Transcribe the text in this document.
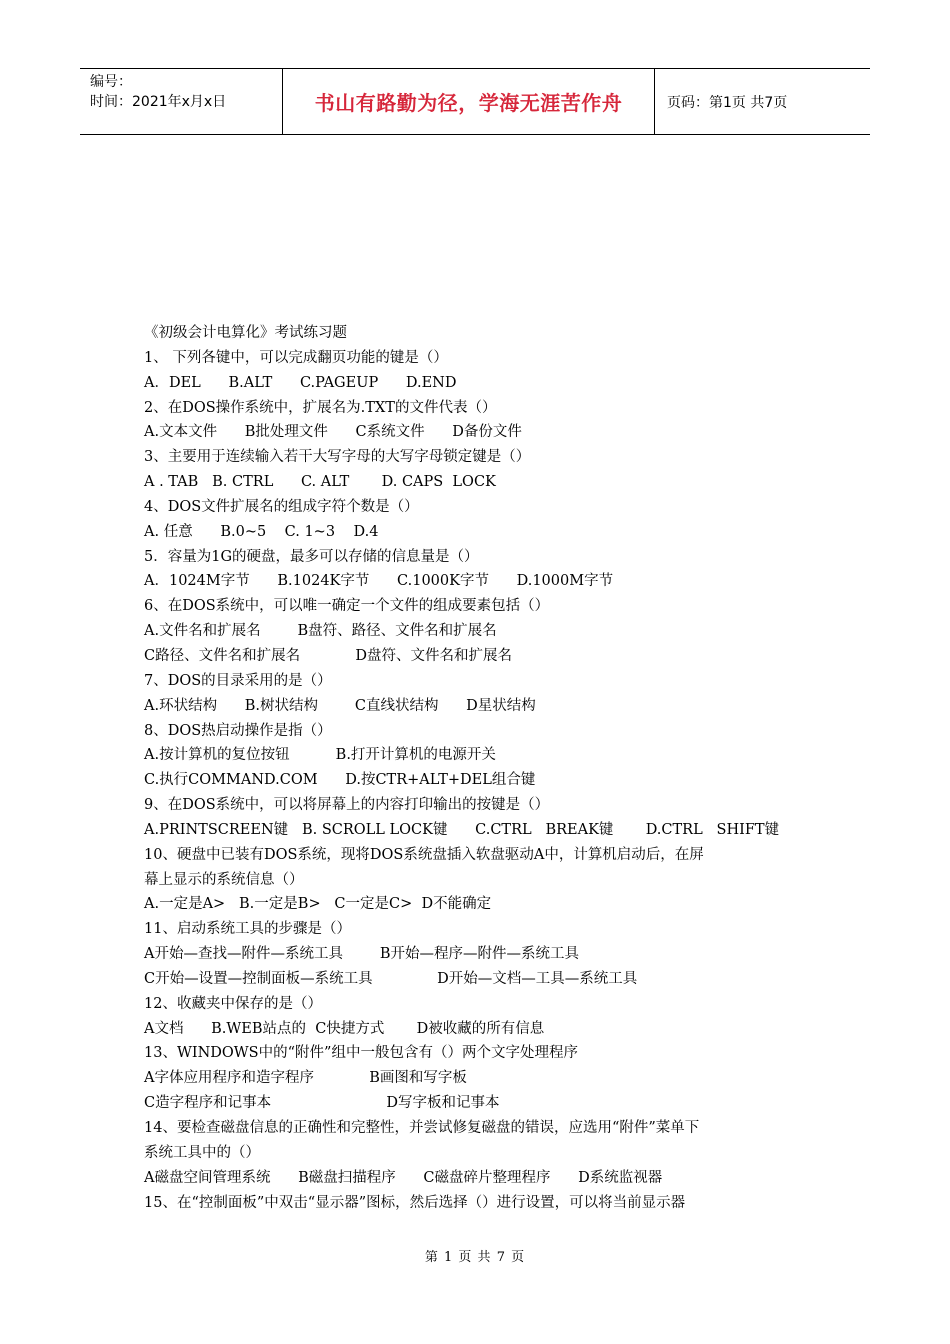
编号：
时间：2021年x月x日	书山有路勤为径，学海无涯苦作舟	页码：第1页 共7页
《初级会计电算化》考试练习题
1、 下列各键中，可以完成翻页功能的键是（）
A．DEL      B.ALT      C.PAGEUP      D.END
2、在DOS操作系统中，扩展名为.TXT的文件代表（）
A.文本文件      B批处理文件      C系统文件      D备份文件
3、主要用于连续输入若干大写字母的大写字母锁定键是（）
A . TAB   B. CTRL      C. ALT       D. CAPS  LOCK
4、DOS文件扩展名的组成字符个数是（）
A. 任意      B.0~5    C. 1~3    D.4
5．容量为1G的硬盘，最多可以存储的信息量是（）
A．1024M字节      B.1024K字节      C.1000K字节      D.1000M字节
6、在DOS系统中，可以唯一确定一个文件的组成要素包括（）
A.文件名和扩展名        B盘符、路径、文件名和扩展名
C路径、文件名和扩展名            D盘符、文件名和扩展名
7、DOS的目录采用的是（）
A.环状结构      B.树状结构        C直线状结构      D星状结构
8、DOS热启动操作是指（）
A.按计算机的复位按钮          B.打开计算机的电源开关
C.执行COMMAND.COM      D.按CTR+ALT+DEL组合键
9、在DOS系统中，可以将屏幕上的内容打印输出的按键是（）
A.PRINTSCREEN键   B. SCROLL LOCK键      C.CTRL   BREAK键       D.CTRL   SHIFT键
10、硬盘中已装有DOS系统，现将DOS系统盘插入软盘驱动A中，计算机启动后，在屏
幕上显示的系统信息（）
A.一定是A>   B.一定是B>   C一定是C>  D不能确定
11、启动系统工具的步骤是（）
A开始—查找—附件—系统工具        B开始—程序—附件—系统工具
C开始—设置—控制面板—系统工具              D开始—文档—工具—系统工具
12、收藏夹中保存的是（）
A文档      B.WEB站点的  C快捷方式       D被收藏的所有信息
13、WINDOWS中的“附件”组中一般包含有（）两个文字处理程序
A字体应用程序和造字程序            B画图和写字板
C造字程序和记事本                         D写字板和记事本
14、要检查磁盘信息的正确性和完整性，并尝试修复磁盘的错误，应选用“附件”菜单下
系统工具中的（）
A磁盘空间管理系统      B磁盘扫描程序      C磁盘碎片整理程序      D系统监视器
15、在“控制面板”中双击“显示器”图标，然后选择（）进行设置，可以将当前显示器
第 1 页 共 7 页
